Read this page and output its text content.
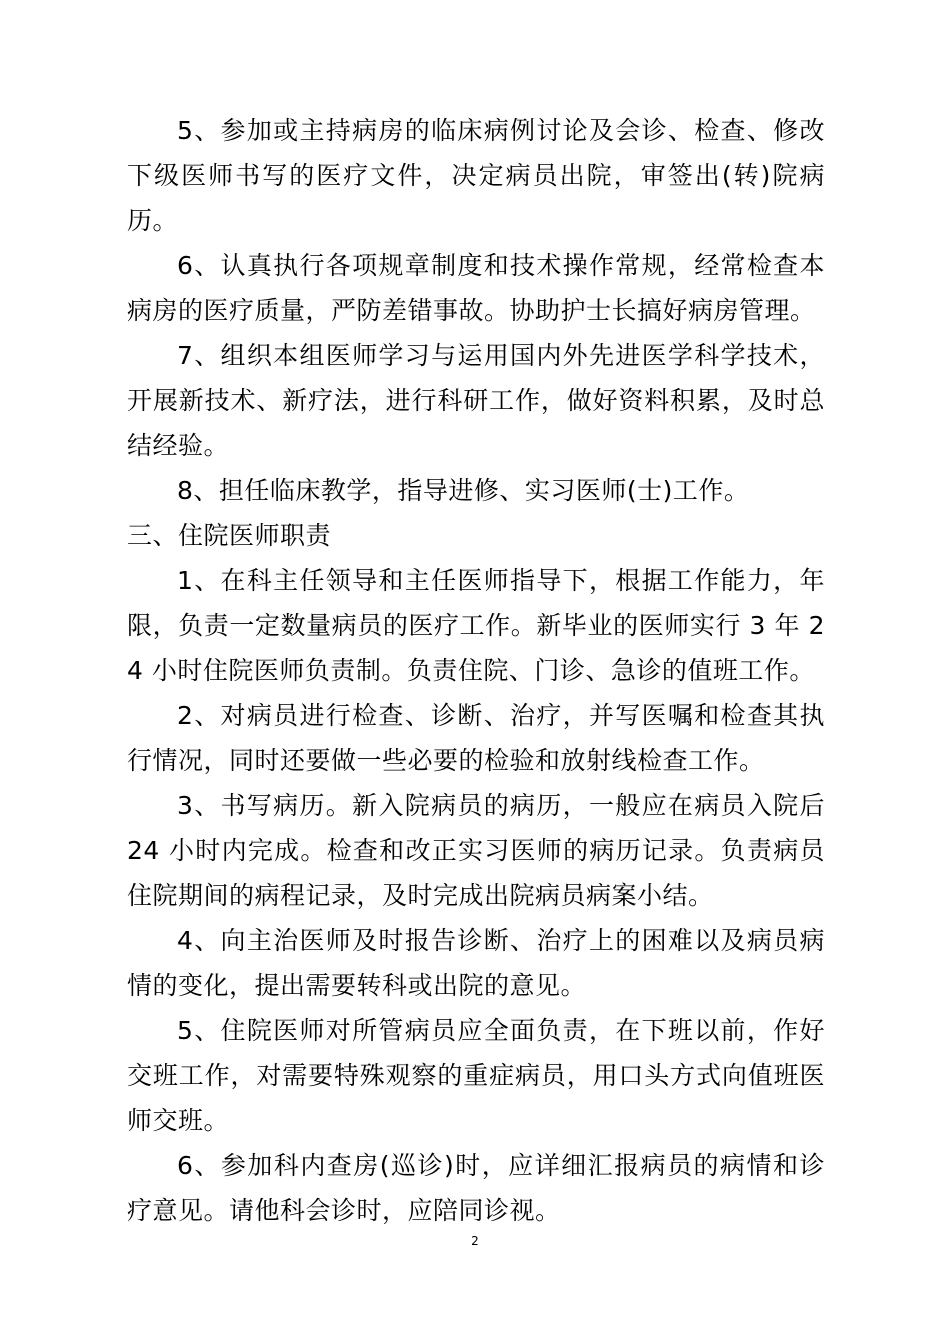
5、参加或主持病房的临床病例讨论及会诊、检查、修改下级医师书写的医疗文件，决定病员出院，审签出(转)院病历。

6、认真执行各项规章制度和技术操作常规，经常检查本病房的医疗质量，严防差错事故。协助护士长搞好病房管理。

7、组织本组医师学习与运用国内外先进医学科学技术，开展新技术、新疗法，进行科研工作，做好资料积累，及时总结经验。

8、担任临床教学，指导进修、实习医师(士)工作。

三、住院医师职责

1、在科主任领导和主任医师指导下，根据工作能力，年限，负责一定数量病员的医疗工作。新毕业的医师实行 3 年 24 小时住院医师负责制。负责住院、门诊、急诊的值班工作。

2、对病员进行检查、诊断、治疗，并写医嘱和检查其执行情况，同时还要做一些必要的检验和放射线检查工作。

3、书写病历。新入院病员的病历，一般应在病员入院后 24 小时内完成。检查和改正实习医师的病历记录。负责病员住院期间的病程记录，及时完成出院病员病案小结。

4、向主治医师及时报告诊断、治疗上的困难以及病员病情的变化，提出需要转科或出院的意见。

5、住院医师对所管病员应全面负责，在下班以前，作好交班工作，对需要特殊观察的重症病员，用口头方式向值班医师交班。

6、参加科内查房(巡诊)时，应详细汇报病员的病情和诊疗意见。请他科会诊时，应陪同诊视。

2
